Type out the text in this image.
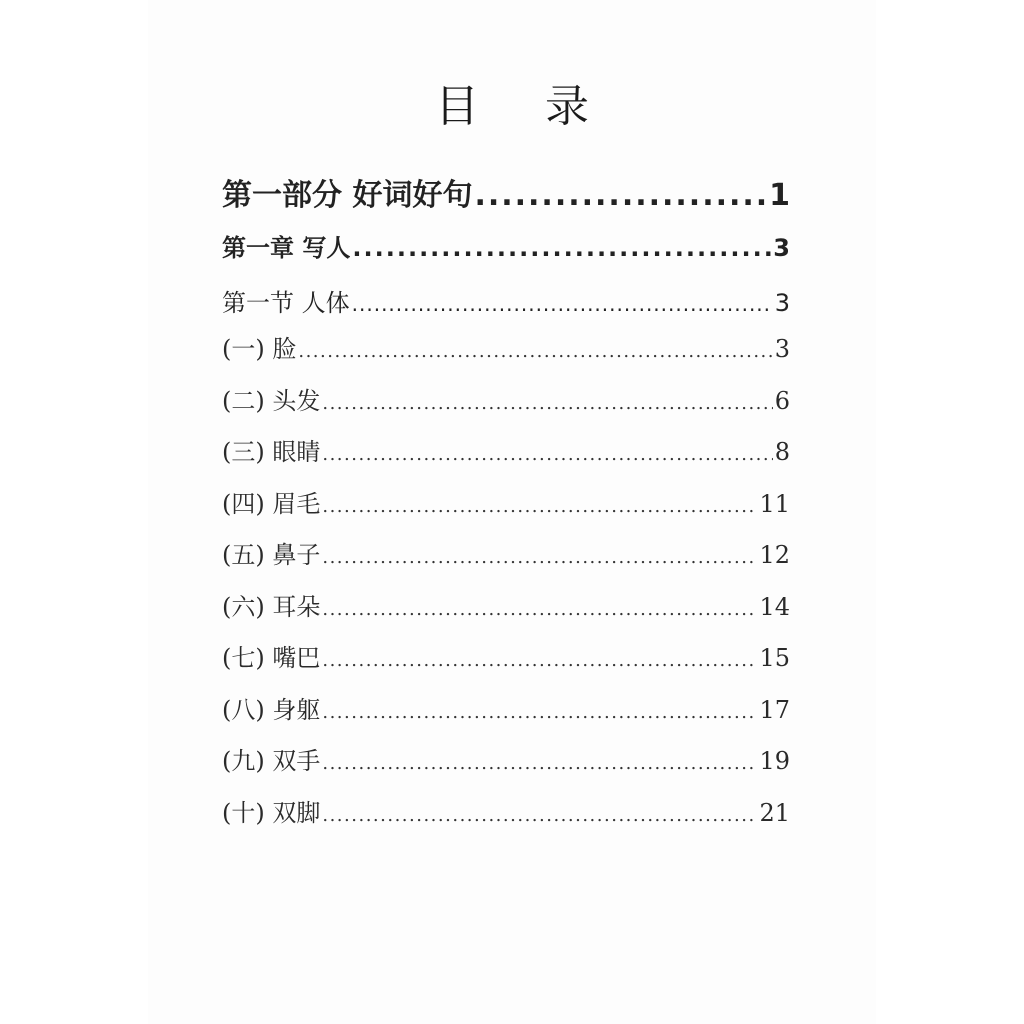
目 录
第一部分 好词好句 .....	1
第一章 写人 .....	3
第一节 人体 .....	3
(一) 脸 .....	3
(二) 头发 .....	6
(三) 眼睛 .....	8
(四) 眉毛 .....	11
(五) 鼻子 .....	12
(六) 耳朵 .....	14
(七) 嘴巴 .....	15
(八) 身躯 .....	17
(九) 双手 .....	19
(十) 双脚 .....	21
